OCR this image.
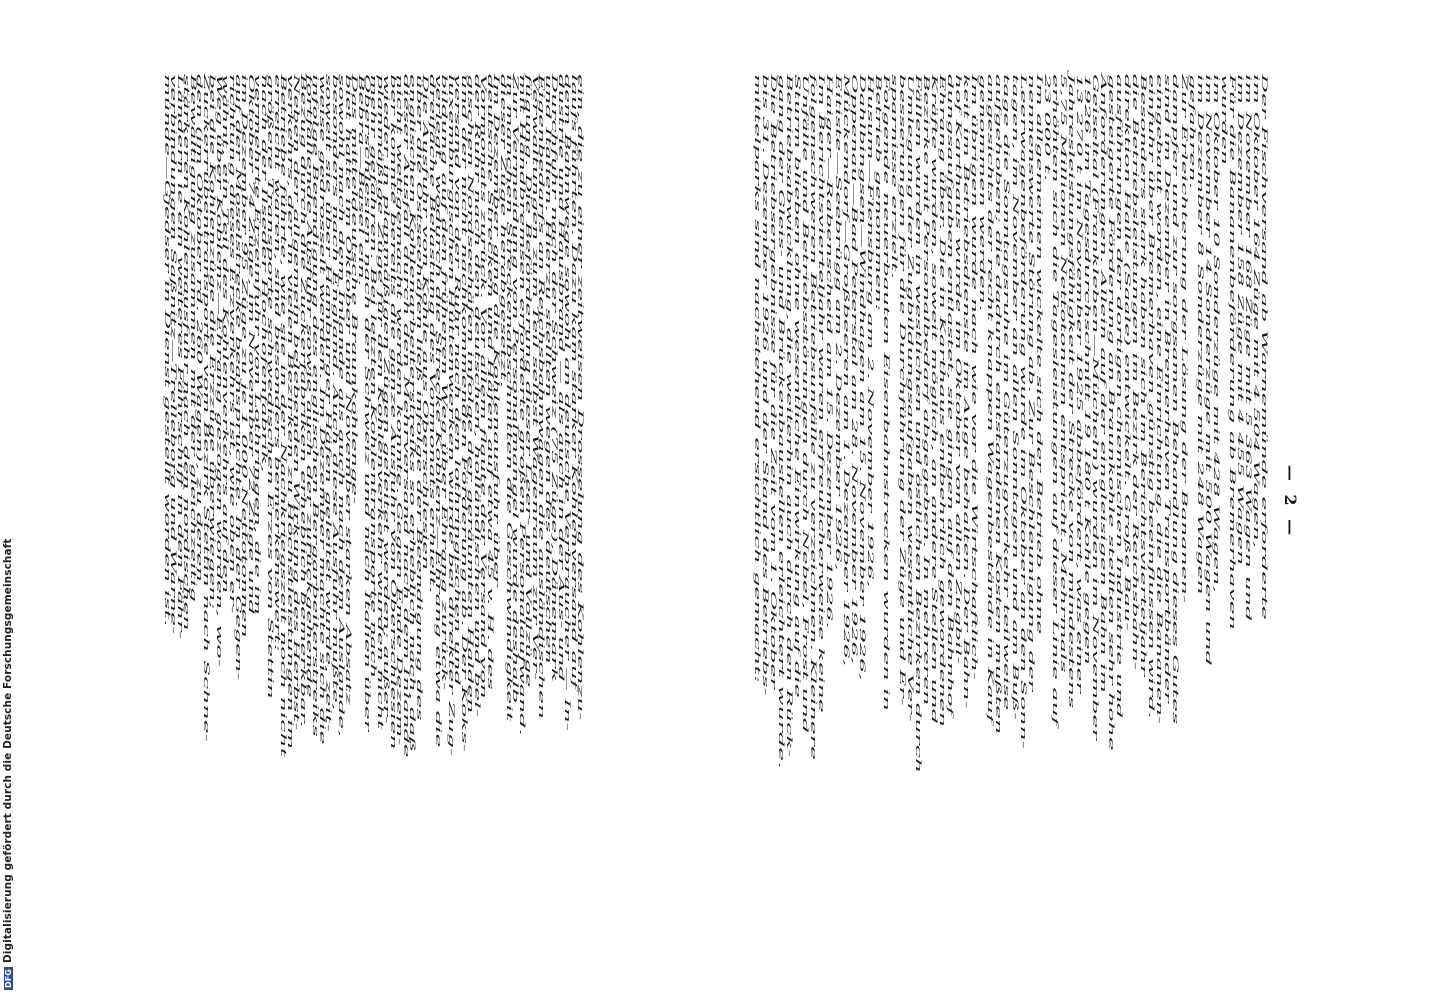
DFGDigitalisierung gefördert durch die Deutsche Forschungsgemeinschaft
— 2 —
Der Fischversand ab Warnemünde erforderte
im Oktober 164 Züge mit 4 504 Wagen,
im November 168 Züge mit 5 363 Wagen und
im Dezember 158 Züge mit 4 455 Wagen
Für die Bananenbeförderung ab Bremerhaven
wurden
im Oktober 10 Sonderzüge mit 428 Wagen,
im November 14 Sonderzüge mit 500 Wagen und
im Dezember 8 Sonderzüge mit 248 Wagen
gefahren.
Zur Erleichterung der Lösung der Bananen-
dampfer und zur sorgsamen Behandlung dieses Gutes
sind im Dezember in Bremerhaven Transportbänder
eingebaut worden, eine Einrichtung, die die Bananen-
einfuhr über Bremerhaven günstig beeinflussen wird.
Besonders stark haben sich im Berichtsvierteljahr
die Betriebsleistungen im Bezirk der Reichsbahn-
direktion Halle (Saale) entwickelt. Große Bau-
ausführungen der dortigen chemischen Industrie und
gesteigerte Förderung an Braunkohle stellten sehr hohe
Anforderungen. Allein auf der eingleisigen Bahn im
Geiseltal (Frankleben—Mücheln) wurden im November
1926 im Tagesdurchschnitt 19 180 t Kohle gegen
13 270 t im November 1925 abbefördert, was einer
Jahresleistungsfähigkeit der Strecke von mindestens
5,75 Millionen Nettotonnen entspricht. Mehrmals
erhöhten sich die Tagesleistungen auf dieser Linie auf
23 000 t.
Im allgemeinen wickelte sich der Betrieb ohne
nennenswerte Störung ab. Zur Beschleunigung der
Leerwagenbeförderung wurde im Oktober an den Sonn-
tagen, im November an allen Sonntagen und am Buß-
tage die Sonntagsruhe im Güterzugverkehr teilweise
aufgehoben; die dadurch entstandenen Kosten mußten
angesichts der recht knappen Wagenbestände in Kauf
genommen werden.
Im übrigen wurde nach wie vor die Wirtschaftlich-
keit im Betriebsdienste im Auge behalten. Der Bahn-
hof Karthaus wurde im Oktober von allen Zugbil-
dungsaufgaben entlastet, sie gingen auf den Bahnhof
Ehrang über. Die in Karthaus entbehrlich gewordenen
Kräfte wurden, soweit möglich, an andere Stellen und
Bezirke mit Personalbedarf abgegeben. In mehreren
Fällen wurden in westlichen und östlichen Bezirken durch
Umlegung der Zugbildungsaufgaben wesentliche Ver-
besserungen für die Durchführung der Züge und Er-
sparnisse erzielt.
Folgende neuerbauten Eisenbahnstrecken wurden in
Betrieb genommen:
Husum—Flensburg am 2. November 1926,
Dahlbingsen—Windhagen am 15. November 1926,
Oppenau—Bad Peterstal am 28. November 1926,
Mückendorf—Großbeeren am 1. Dezember 1926,
Eitiste—Seebrügg am 2. Dezember 1926,
Haiger—Rabenscheid am 15. Dezember 1926.
Im Berichtsvierteljahr waren erfreulicherweise keine
folgenschweren Betriebsunfälle zu verzeichnen. Kleinere
Unfälle und Betriebsstörungen durch Nebel, Frost und
Sturm blieben ohne wesentliche Einwirkung auf die
Betriebsabwicklung, die weiterhin auch durch den Rück-
gang der Gleis- und Brückenbaustellen erleichtert wurde.
Die Betriebsergebnisse für die Zeit vom 1. Oktober
bis 31. Dezember 1926 und der Stand des Betriebs-
mittelparks sind nachstehend ersichtlich gemacht:
ein, die zu einer zeitweisen Drosselung des Kohlenzu-
laufs führten. Dazu kam starker Kohlenversand auf
dem Bahnwege sowohl an deutsche Verbraucher — In-
dustrie und Hausbrand — als auch in der Aus- und
Durchfuhr nach der Schweiz (75 Züge), Dänemark
und Italien. Hierzu stellten wegen des deutschen
Eigenbedarfs an Reichsbahnwagen die ausländischen
Verwaltungen zum Teil selbst Wagenraum zur Ver-
fügung. Die Beförderung dieser Leer- und Vollzüge
mit Handbremsen erforderte großen Personalaufwand.
Zur Vermeidung von Personalmangel wurde deshalb
in manchen Streckenabschnitten die Geschwindigkeit
dieser Züge herabgesetzt.
Im Dezember ging die Kohlenausfuhr über
deutsche Strecken und Häfen auf etwa 45 v. H. des
Vormonats zurück. Vor allem flaute der Versand von
der Ruhr nach den deutschen, holländischen und bel-
gischen Nordseehäfen infolge der geräumten Halden
und der nicht nachkommenden Förderung ab. Der Koks-
versand von der Ruhr nach den lothringischen und
luxemburgischen Hüttenwerken wurde bei direkter Zug-
bildung auf den früheren Weg über Ehrang zurück-
verlegt, wodurch die Strecke Koblenz—Ehrang etwa die
dreifache Belastung des Vormonats erhielt.
Die Ausfuhr von Kohle aus Oberschlesien
über die Ostseehäfen ließ infolge der Beendigung des
englischen Kohlenarbeiterstreiks so erheblich nach, daß
dieser Ausfall durch den Mehrversand nach dem Inlande
nicht wettgemacht werden konnte. Gegen Ende Dezem-
ber konnte bereits die ganze Ausfuhr von Oberschlesien
wieder in planmäßigen Zügen geleitet werden; außer-
planmäßige Züge für den Kohlenverkehr wurden nicht
mehr gefahren. Bei letzten Kohlentransporte nach
Oberschlesien nach der Schweiz und nach Italien über
Bebra—Basel ein.
Das mitteldeutsche Braunkohlenge-
biet hatte im Oktober und November starken Absatz
sowohl nach dem Inlande als auch nach dem Auslande,
besonders nach England. Auch diese Ausfuhr mußte,
soweit sie über Hamburger Häfen geleitet wurde, zeit-
weise gedrosselt werden. Im Dezember machte sich die
infolge Beendigung des englischen Bergarbeiterstreiks
fortfallende Ausfuhr sowie auch der zurückgehende
Bezug durch die Zuckerfabriken erheblich bemerkbar.
Neben der allgemein belebenden Wirkung des Herbst-
verkehrs, der in vielen Bezirken zu Höchstleistungen im
Betriebe führte, wie sie in der Nachkriegszeit noch nicht
erreicht waren, sind besonders bemerkenswert:
größere Transporte schwedischen Erzes von Stettin
nach der Ilseder Hochofenfabrik,
vermehrte Erzeinfuhr von Lothringen, die im
Oktober 74 Züge, im November 72 Züge und
im Dezember 95 Züge zu je 1 000 Nettotonnen
auf der Moselstrecke beanspruchte. In der Gegen-
richtung dieses Erzverkehrs ist, wie oben er-
wähnt, ein Teil des Kohlenverkehrs auf den
Weg über Koblenz—Ehrang gezogen worden, wo-
bei die Kohlenzüge die Erzzüge überwiegen;
Zuckerrübentransporte vom Bezirk Stettin nach Schne-
den (im Oktober rd. 260 Wagen), zu deren
Bewältigung zusammen mit der gleichzeitig
stärkeren Kohlenausfuhr nach den nordischen
Ländern ie ein weiteres Fährschiff in den Fähr-
verbindungen Saßnitz—Trelleborg und Warne-
münde—Gjedser in Dienst gestellt worden ist.
